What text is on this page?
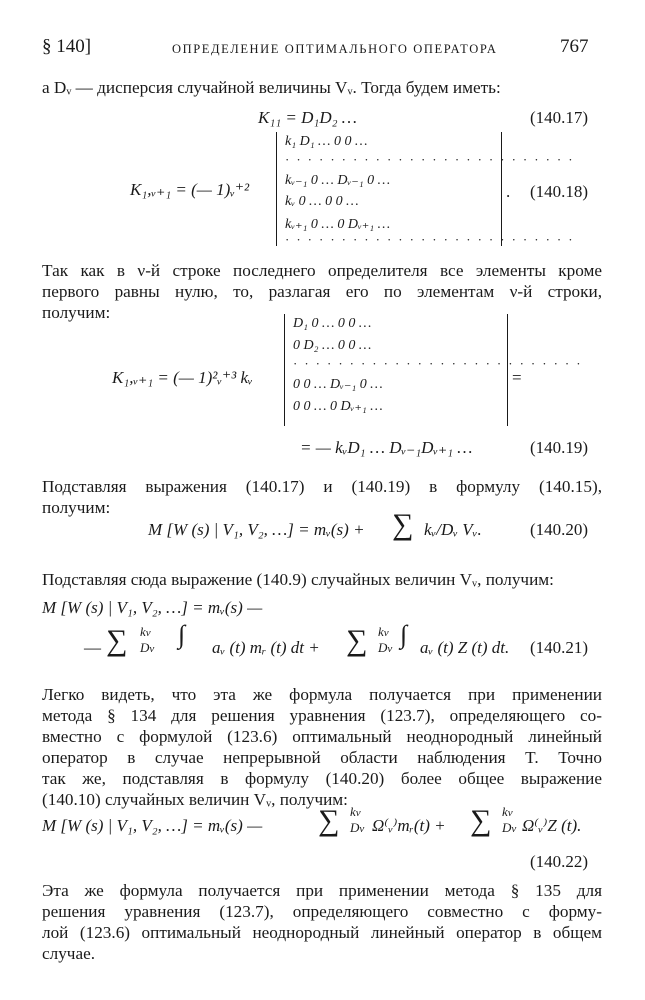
§ 140]	ОПРЕДЕЛЕНИЕ ОПТИМАЛЬНОГО ОПЕРАТОРА	767
а Dᵥ — дисперсия случайной величины Vᵥ. Тогда будем иметь:
K₁₁ = D₁D₂ …	(140.17)
K₁,ᵥ₊₁ = (— 1)ᵥ⁺²
k₁ D₁ … 0 0 …
··························
kᵥ₋₁ 0 … Dᵥ₋₁ 0 …
kᵥ 0 … 0 0 …
kᵥ₊₁ 0 … 0 Dᵥ₊₁ …
··························
. (140.18)
Так как в ν-й строке последнего определителя все элементы кроме
первого равны нулю, то, разлагая его по элементам ν-й строки,
получим:
K₁,ᵥ₊₁ = (— 1)²ᵥ⁺³ kᵥ
D₁ 0 … 0 0 …
0 D₂ … 0 0 …
··························
0 0 … Dᵥ₋₁ 0 …
0 0 … 0 Dᵥ₊₁ …
=
= — kᵥD₁ … Dᵥ₋₁Dᵥ₊₁ …	(140.19)
Подставляя выражения (140.17) и (140.19) в формулу (140.15),
получим:
M [W (s) | V₁, V₂, …] = mᵥ(s) + ∑ kᵥ/Dᵥ Vᵥ.	(140.20)
Подставляя сюда выражение (140.9) случайных величин Vᵥ, получим:
M [W (s) | V₁, V₂, …] = mᵥ(s) —
— ∑ kν
Dν ∫ aᵥ (t) mᵣ (t) dt + ∑ kν
Dν ∫ aᵥ (t) Z (t) dt. (140.21)
Легко видеть, что эта же формула получается при применении
метода § 134 для решения уравнения (123.7), определяющего со-
вместно с формулой (123.6) оптимальный неоднородный линейный
оператор в случае непрерывной области наблюдения T. Точно
так же, подставляя в формулу (140.20) более общее выражение
(140.10) случайных величин Vᵥ, получим:
M [W (s) | V₁, V₂, …] = mᵥ(s) — ∑ kν
Dν Ω⁽ᵥ⁾mᵣ(t) + ∑ kν
Dν Ω⁽ᵥ⁾Z (t).
(140.22)
Эта же формула получается при применении метода § 135 для
решения уравнения (123.7), определяющего совместно с форму-
лой (123.6) оптимальный неоднородный линейный оператор в общем
случае.
